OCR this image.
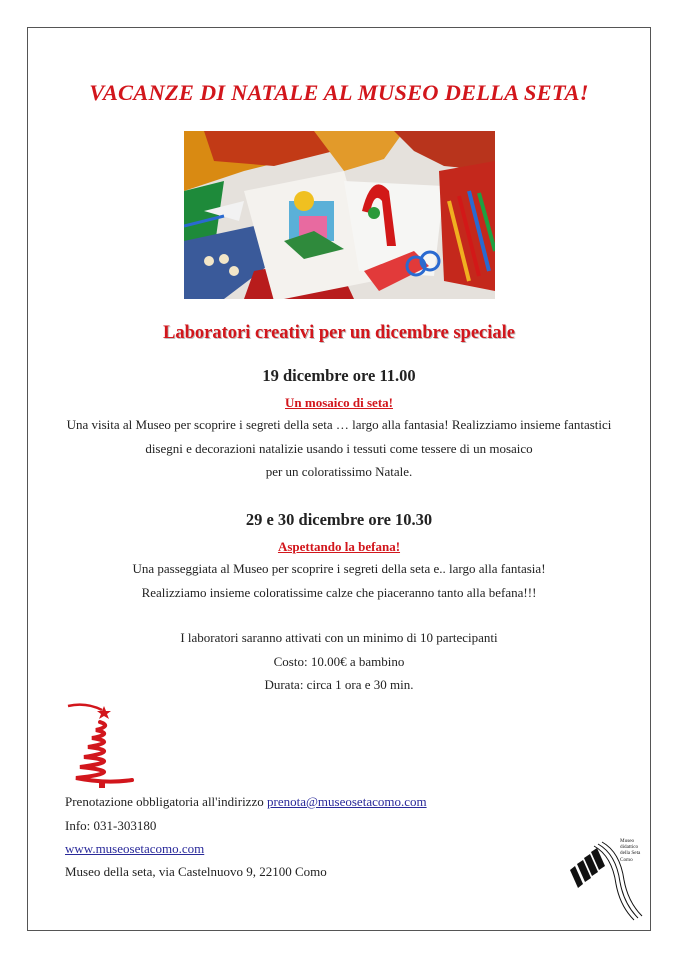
VACANZE DI NATALE AL MUSEO DELLA SETA!
Laboratori creativi per un dicembre speciale
19 dicembre ore 11.00
Un mosaico di seta!
Una visita al Museo per scoprire i segreti della seta … largo alla fantasia! Realizziamo insieme fantastici
disegni e decorazioni natalizie usando i tessuti come tessere di un mosaico
per un coloratissimo Natale.
29 e 30 dicembre ore 10.30
Aspettando la befana!
Una passeggiata al Museo per scoprire i segreti della seta e.. largo alla fantasia!
Realizziamo insieme coloratissime calze che piaceranno tanto alla befana!!!
I laboratori saranno attivati con un minimo di 10 partecipanti
Costo: 10.00€ a bambino
Durata: circa 1 ora e 30 min.
Prenotazione obbligatoria all'indirizzo prenota@museosetacomo.com
Info: 031-303180
www.museosetacomo.com
Museo della seta, via Castelnuovo 9, 22100 Como
Museo
didattico
della Seta
Como
